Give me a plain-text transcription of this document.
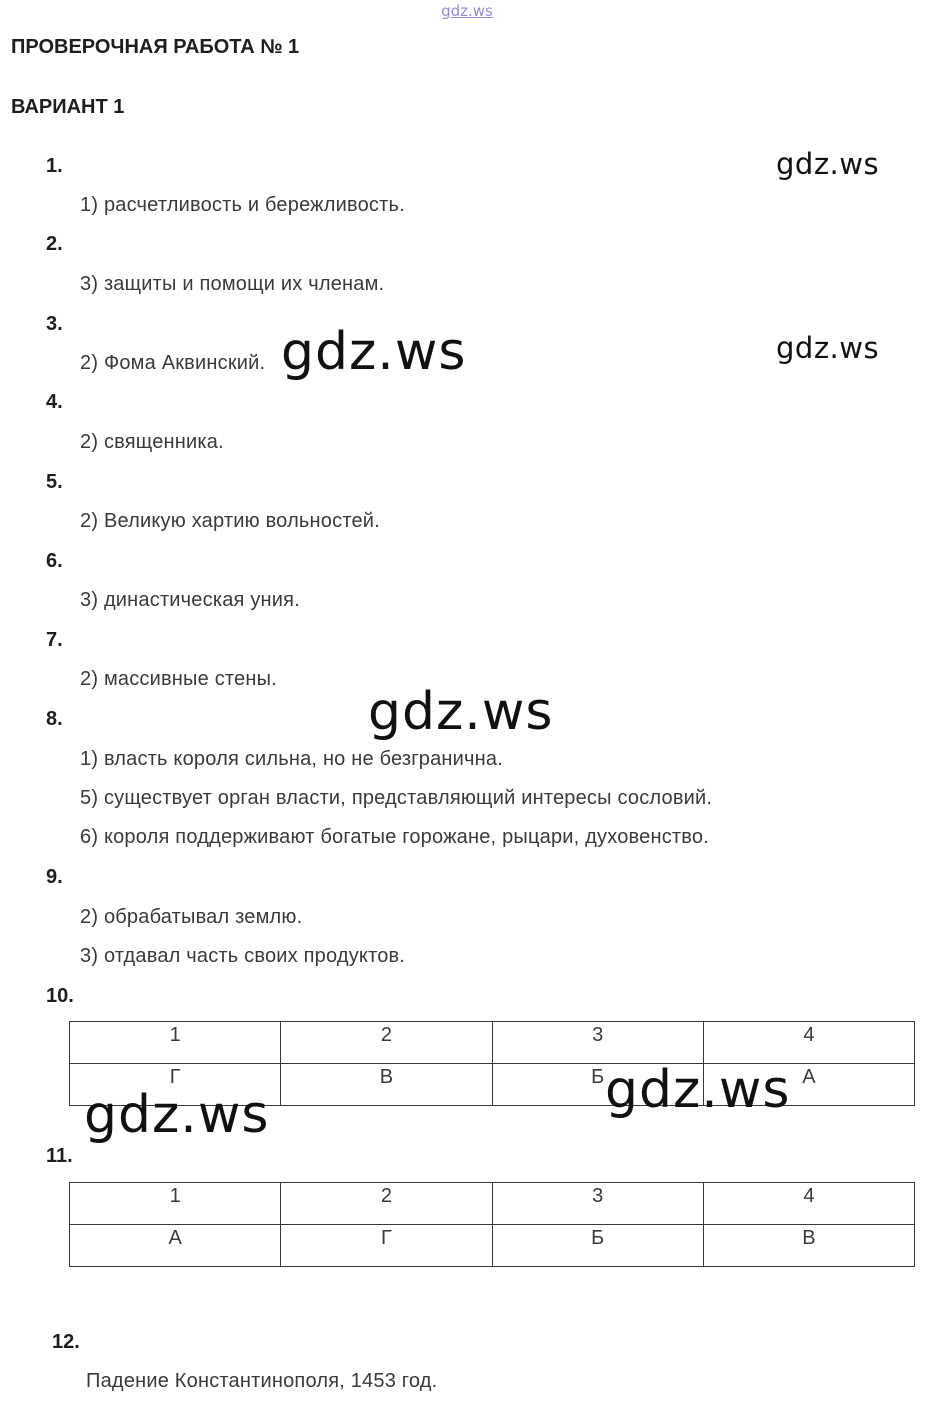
gdz.ws
ПРОВЕРОЧНАЯ РАБОТА № 1
ВАРИАНТ 1
1.
1) расчетливость и бережливость.
2.
3) защиты и помощи их членам.
3.
2) Фома Аквинский.
4.
2) священника.
5.
2) Великую хартию вольностей.
6.
3) династическая уния.
7.
2) массивные стены.
8.
1) власть короля сильна, но не безгранична.
5) существует орган власти, представляющий интересы сословий.
6) короля поддерживают богатые горожане, рыцари, духовенство.
9.
2) обрабатывал землю.
3) отдавал часть своих продуктов.
10.
1	2	3	4
Г	В	Б	А
11.
1	2	3	4
А	Г	Б	В
12.
Падение Константинополя, 1453 год.
gdz.ws
gdz.ws
gdz.ws
gdz.ws
gdz.ws	gdz.ws
